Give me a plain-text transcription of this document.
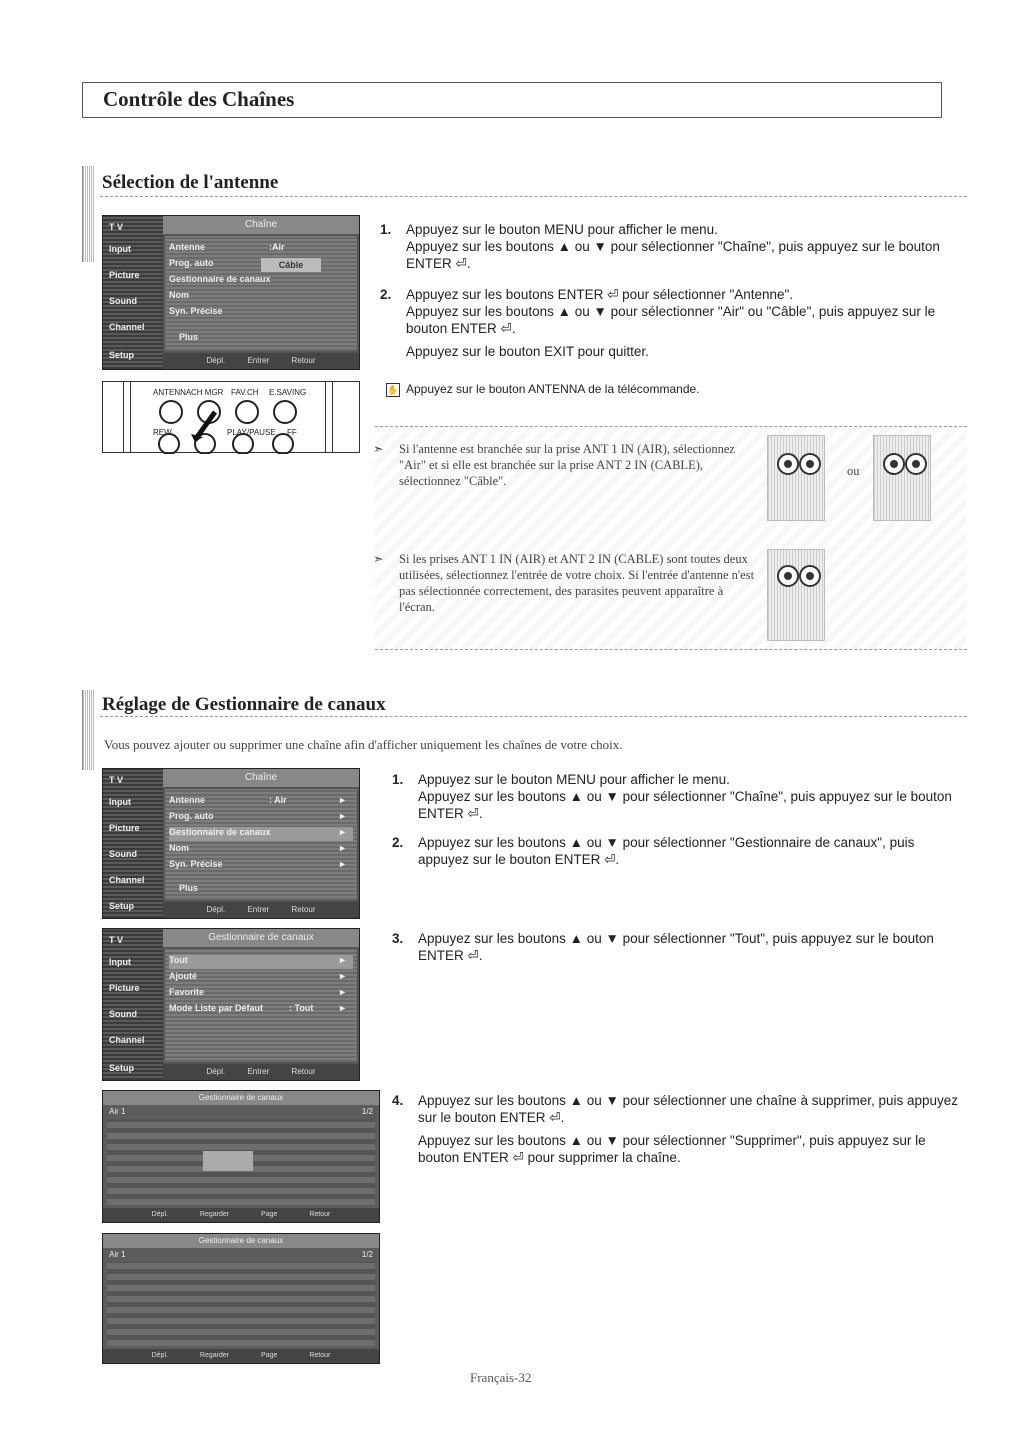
Contrôle des Chaînes
Sélection de l'antenne
T V
Input
Picture
Sound
Channel
Setup
Chaîne
Antenne	:Air
Prog. auto
Gestionnaire de canaux
Nom
Syn. Précise
Plus
Câble
Dépl.	Entrer	Retour
ANTENNA CH MGR FAV.CH E.SAVING
REW	PLAY/PAUSE FF
1. Appuyez sur le bouton MENU pour afficher le menu.
Appuyez sur les boutons ▲ ou ▼ pour sélectionner "Chaîne", puis appuyez sur le bouton ENTER ⏎.

2. Appuyez sur les boutons ENTER ⏎ pour sélectionner "Antenne".
Appuyez sur les boutons ▲ ou ▼ pour sélectionner "Air" ou "Câble", puis appuyez sur le bouton ENTER ⏎.

Appuyez sur le bouton EXIT pour quitter.

✋ Appuyez sur le bouton ANTENNA de la télécommande.
➣ Si l'antenne est branchée sur la prise ANT 1 IN (AIR), sélectionnez "Air" et si elle est branchée sur la prise ANT 2 IN (CABLE), sélectionnez "Câble".
➣ Si les prises ANT 1 IN (AIR) et ANT 2 IN (CABLE) sont toutes deux utilisées, sélectionnez l'entrée de votre choix. Si l'entrée d'antenne n'est pas sélectionnée correctement, des parasites peuvent apparaître à l'écran.
ou
Réglage de Gestionnaire de canaux
Vous pouvez ajouter ou supprimer une chaîne afin d'afficher uniquement les chaînes de votre choix.
T V
Input
Picture
Sound
Channel
Setup
Chaîne
Antenne	: Air	►
Prog. auto	►
Gestionnaire de canaux	►
Nom	►
Syn. Précise	►
Plus
Dépl.	Entrer	Retour
T V
Input
Picture
Sound
Channel
Setup
Gestionnaire de canaux
Tout	►
Ajouté	►
Favorite	►
Mode Liste par Défaut	: Tout	►
Dépl.	Entrer	Retour
Gestionnaire de canaux
Air 1	1/2
Dépl.	Regarder	Page	Retour
Gestionnaire de canaux
Air 1	1/2
Dépl.	Regarder	Page	Retour
1. Appuyez sur le bouton MENU pour afficher le menu.
Appuyez sur les boutons ▲ ou ▼ pour sélectionner "Chaîne", puis appuyez sur le bouton ENTER ⏎.

2. Appuyez sur les boutons ▲ ou ▼ pour sélectionner "Gestionnaire de canaux", puis appuyez sur le bouton ENTER ⏎.

3. Appuyez sur les boutons ▲ ou ▼ pour sélectionner "Tout", puis appuyez sur le bouton ENTER ⏎.

4. Appuyez sur les boutons ▲ ou ▼ pour sélectionner une chaîne à supprimer, puis appuyez sur le bouton ENTER ⏎.

Appuyez sur les boutons ▲ ou ▼ pour sélectionner "Supprimer", puis appuyez sur le bouton ENTER ⏎ pour supprimer la chaîne.

Français-32
